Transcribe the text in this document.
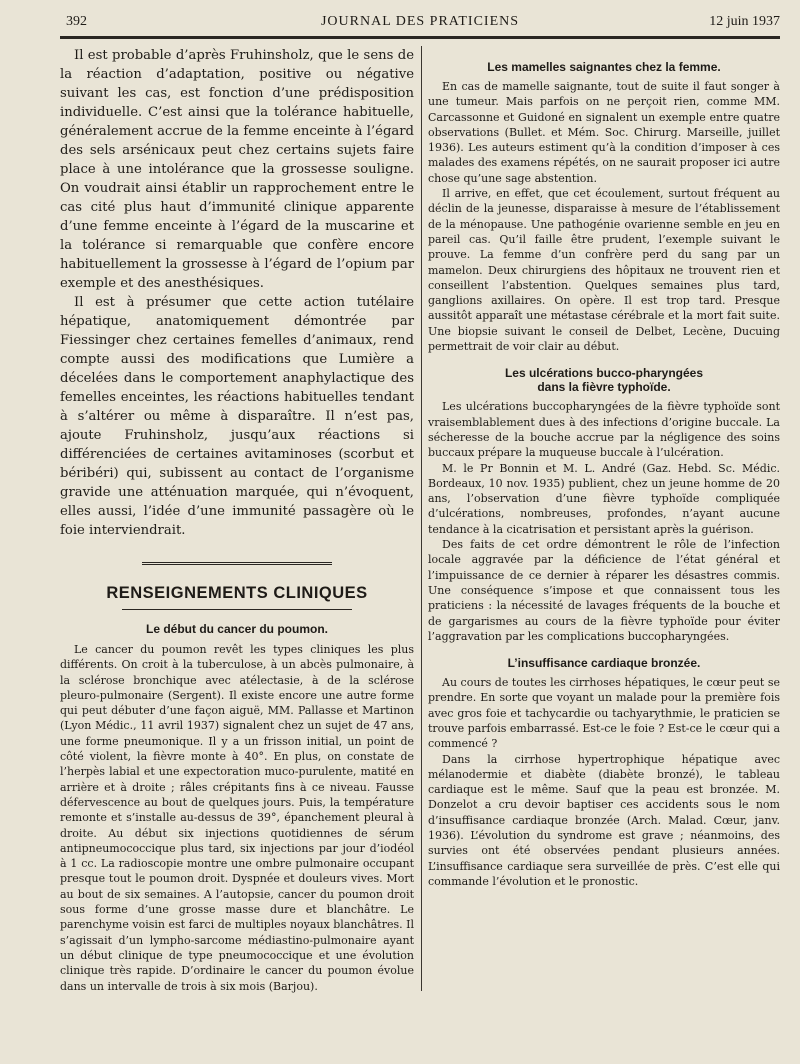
392	JOURNAL DES PRATICIENS	12 juin 1937

Il est probable d’après Fruhinsholz, que le sens de la réaction d’adaptation, positive ou négative suivant les cas, est fonction d’une prédisposition individuelle. C’est ainsi que la tolérance habituelle, généralement accrue de la femme enceinte à l’égard des sels arsénicaux peut chez certains sujets faire place à une intolérance que la grossesse souligne. On voudrait ainsi établir un rapprochement entre le cas cité plus haut d’immunité clinique apparente d’une femme enceinte à l’égard de la muscarine et la tolérance si remarquable que confère encore habituellement la grossesse à l’égard de l’opium par exemple et des anesthésiques.

Il est à présumer que cette action tutélaire hépatique, anatomiquement démontrée par Fiessinger chez certaines femelles d’animaux, rend compte aussi des modifications que Lumière a décelées dans le comportement anaphylactique des femelles enceintes, les réactions habituelles tendant à s’altérer ou même à disparaître. Il n’est pas, ajoute Fruhinsholz, jusqu’aux réactions si différenciées de certaines avitaminoses (scorbut et béribéri) qui, subissent au contact de l’organisme gravide une atténuation marquée, qui n’évoquent, elles aussi, l’idée d’une immunité passagère où le foie interviendrait.

RENSEIGNEMENTS CLINIQUES

Le début du cancer du poumon.

Le cancer du poumon revêt les types cliniques les plus différents. On croit à la tuberculose, à un abcès pulmonaire, à la sclérose bronchique avec atélectasie, à de la sclérose pleuro-pulmonaire (Sergent). Il existe encore une autre forme qui peut débuter d’une façon aiguë, MM. Pallasse et Martinon (Lyon Médic., 11 avril 1937) signalent chez un sujet de 47 ans, une forme pneumonique. Il y a un frisson initial, un point de côté violent, la fièvre monte à 40°. En plus, on constate de l’herpès labial et une expectoration muco-purulente, matité en arrière et à droite ; râles crépitants fins à ce niveau. Fausse défervescence au bout de quelques jours. Puis, la température remonte et s’installe au-dessus de 39°, épanchement pleural à droite. Au début six injections quotidiennes de sérum antipneumococcique plus tard, six injections par jour d’iodéol à 1 cc. La radioscopie montre une ombre pulmonaire occupant presque tout le poumon droit. Dyspnée et douleurs vives. Mort au bout de six semaines. A l’autopsie, cancer du poumon droit sous forme d’une grosse masse dure et blanchâtre. Le parenchyme voisin est farci de multiples noyaux blanchâtres. Il s’agissait d’un lympho-sarcome médiastino-pulmonaire ayant un début clinique de type pneumococcique et une évolution clinique très rapide. D’ordinaire le cancer du poumon évolue dans un intervalle de trois à six mois (Barjou).

Les mamelles saignantes chez la femme.

En cas de mamelle saignante, tout de suite il faut songer à une tumeur. Mais parfois on ne perçoit rien, comme MM. Carcassonne et Guidoné en signalent un exemple entre quatre observations (Bullet. et Mém. Soc. Chirurg. Marseille, juillet 1936). Les auteurs estiment qu’à la condition d’imposer à ces malades des examens répétés, on ne saurait proposer ici autre chose qu’une sage abstention.

Il arrive, en effet, que cet écoulement, surtout fréquent au déclin de la jeunesse, disparaisse à mesure de l’établissement de la ménopause. Une pathogénie ovarienne semble en jeu en pareil cas. Qu’il faille être prudent, l’exemple suivant le prouve. La femme d’un confrère perd du sang par un mamelon. Deux chirurgiens des hôpitaux ne trouvent rien et conseillent l’abstention. Quelques semaines plus tard, ganglions axillaires. On opère. Il est trop tard. Presque aussitôt apparaît une métastase cérébrale et la mort fait suite. Une biopsie suivant le conseil de Delbet, Lecène, Ducuing permettrait de voir clair au début.

Les ulcérations bucco-pharyngées
dans la fièvre typhoïde.

Les ulcérations buccopharyngées de la fièvre typhoïde sont vraisemblablement dues à des infections d’origine buccale. La sécheresse de la bouche accrue par la négligence des soins buccaux prépare la muqueuse buccale à l’ulcération.

M. le Pr Bonnin et M. L. André (Gaz. Hebd. Sc. Médic. Bordeaux, 10 nov. 1935) publient, chez un jeune homme de 20 ans, l’observation d’une fièvre typhoïde compliquée d’ulcérations, nombreuses, profondes, n’ayant aucune tendance à la cicatrisation et persistant après la guérison.

Des faits de cet ordre démontrent le rôle de l’infection locale aggravée par la déficience de l’état général et l’impuissance de ce dernier à réparer les désastres commis. Une conséquence s’impose et que connaissent tous les praticiens : la nécessité de lavages fréquents de la bouche et de gargarismes au cours de la fièvre typhoïde pour éviter l’aggravation par les complications buccopharyngées.

L’insuffisance cardiaque bronzée.

Au cours de toutes les cirrhoses hépatiques, le cœur peut se prendre. En sorte que voyant un malade pour la première fois avec gros foie et tachycardie ou tachyarythmie, le praticien se trouve parfois embarrassé. Est-ce le foie ? Est-ce le cœur qui a commencé ?

Dans la cirrhose hypertrophique hépatique avec mélanodermie et diabète (diabète bronzé), le tableau cardiaque est le même. Sauf que la peau est bronzée. M. Donzelot a cru devoir baptiser ces accidents sous le nom d’insuffisance cardiaque bronzée (Arch. Malad. Cœur, janv. 1936). L’évolution du syndrome est grave ; néanmoins, des survies ont été observées pendant plusieurs années. L’insuffisance cardiaque sera surveillée de près. C’est elle qui commande l’évolution et le pronostic.
